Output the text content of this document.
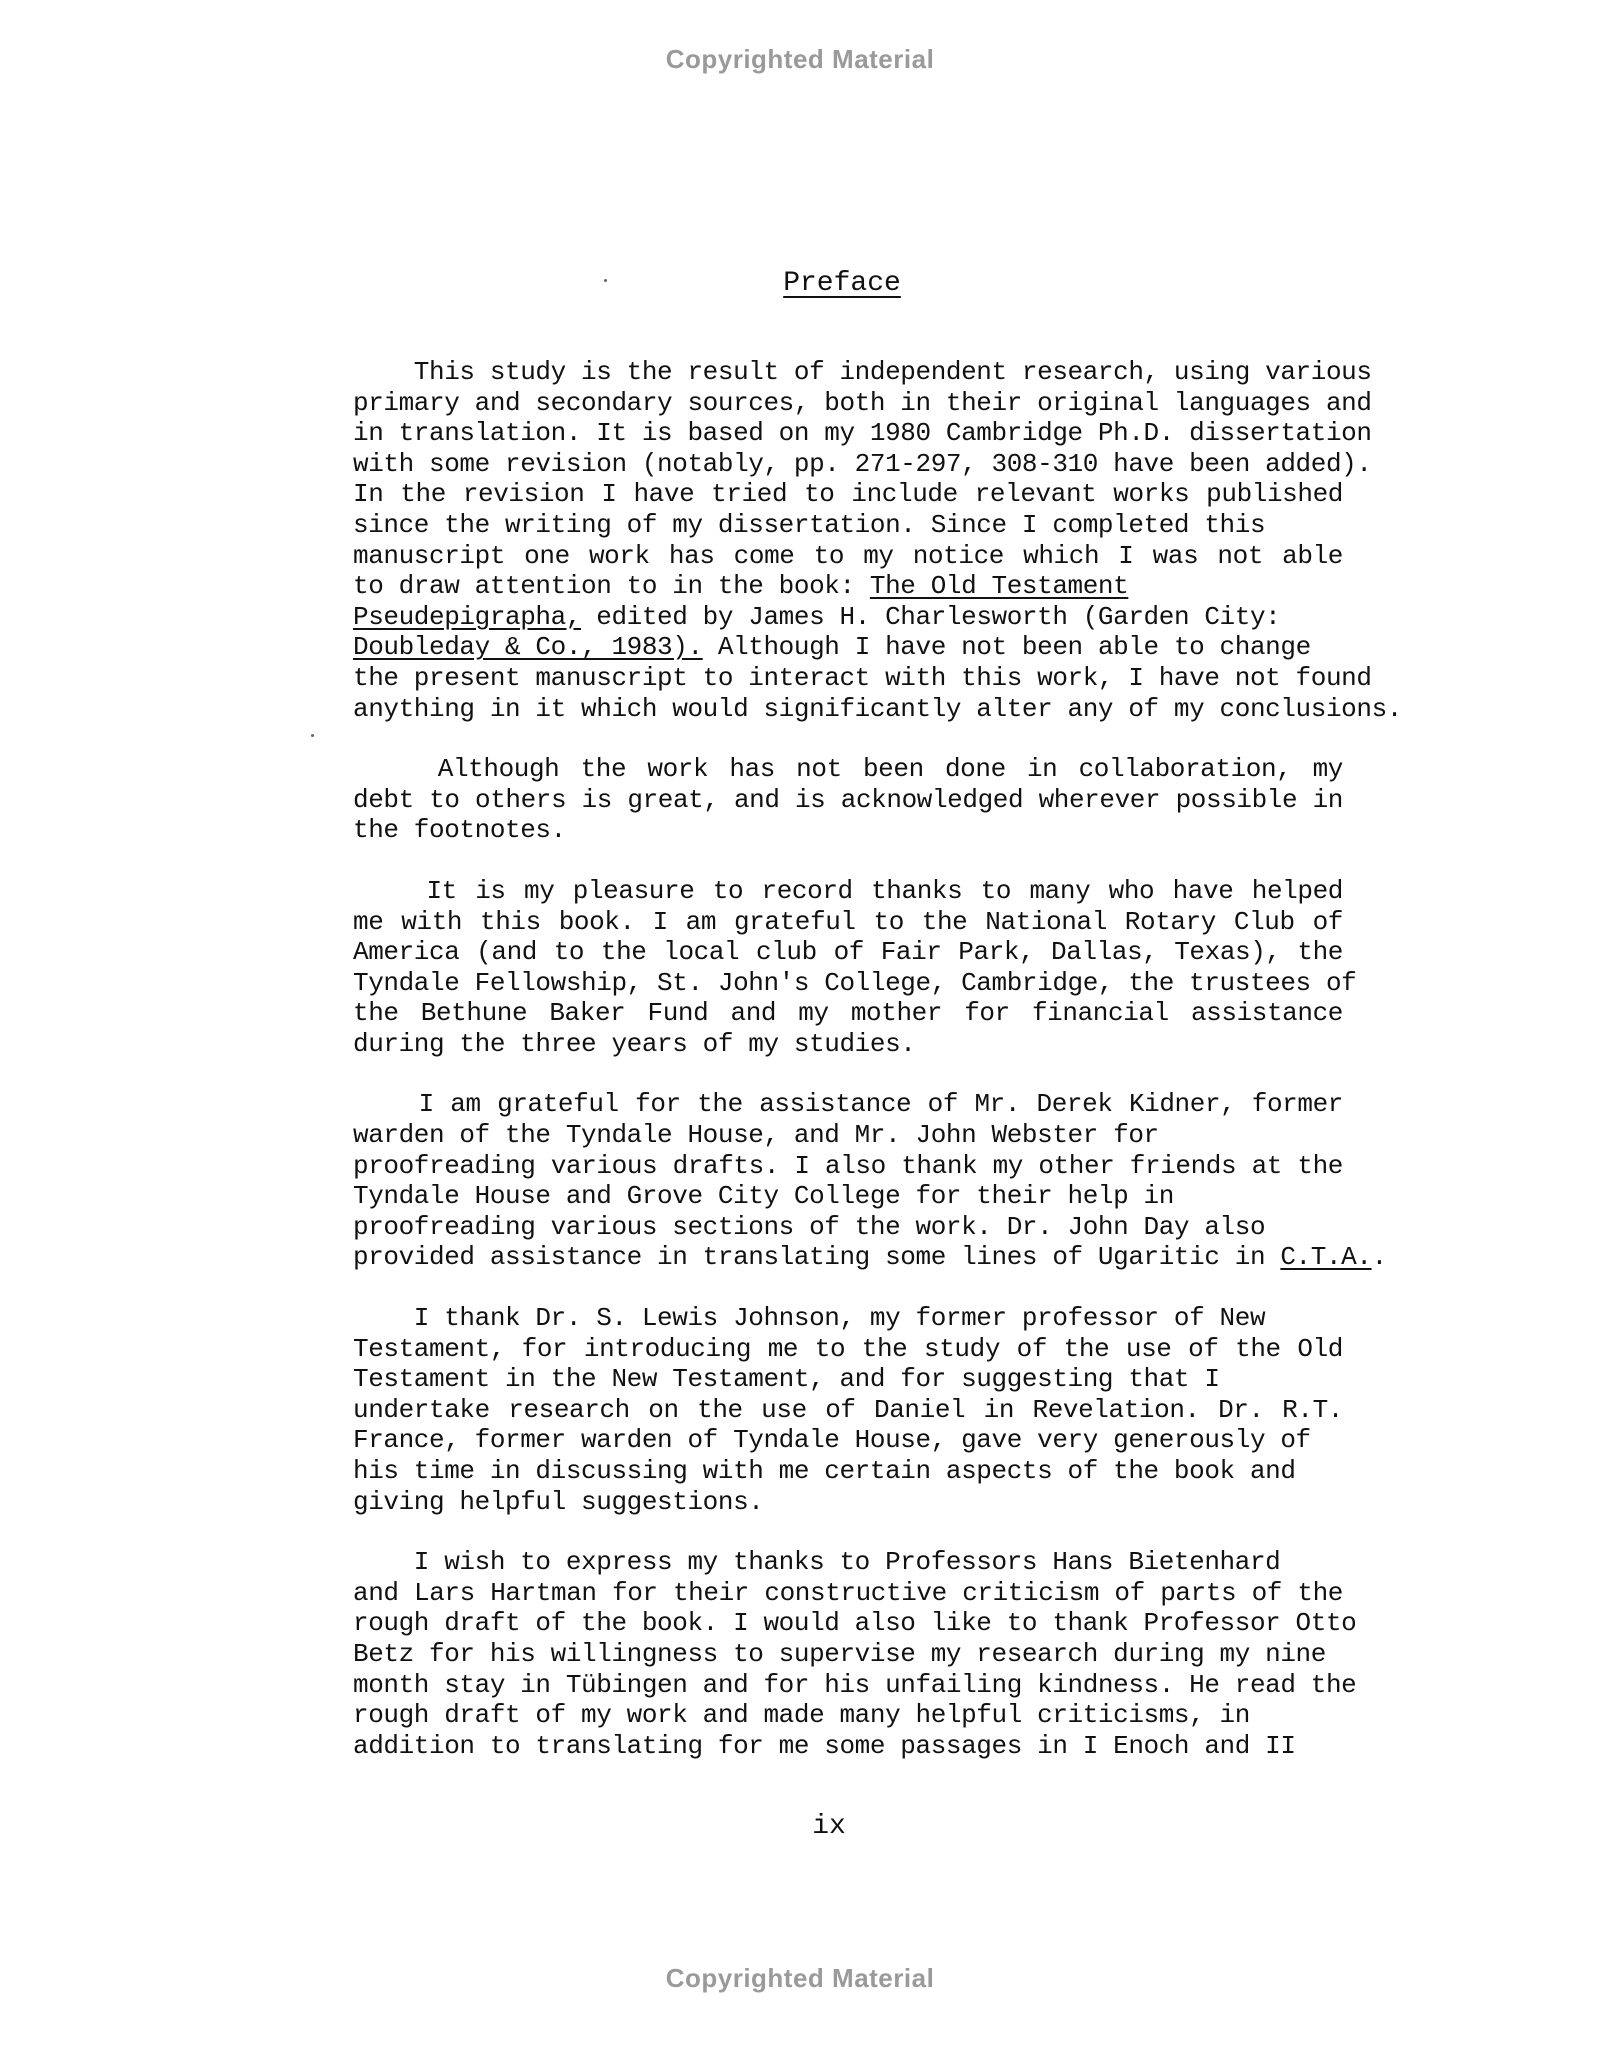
Copyrighted Material
Preface
This study is the result of independent research, using various
primary and secondary sources, both in their original languages and
in translation. It is based on my 1980 Cambridge Ph.D. dissertation
with some revision (notably, pp. 271-297, 308-310 have been added).
In the revision I have tried to include relevant works published
since the writing of my dissertation. Since I completed this
manuscript one work has come to my notice which I was not able
to draw attention to in the book: The Old Testament
Pseudepigrapha, edited by James H. Charlesworth (Garden City:
Doubleday & Co., 1983). Although I have not been able to change
the present manuscript to interact with this work, I have not found
anything in it which would significantly alter any of my conclusions.
Although the work has not been done in collaboration, my
debt to others is great, and is acknowledged wherever possible in
the footnotes.
It is my pleasure to record thanks to many who have helped
me with this book. I am grateful to the National Rotary Club of
America (and to the local club of Fair Park, Dallas, Texas), the
Tyndale Fellowship, St. John's College, Cambridge, the trustees of
the Bethune Baker Fund and my mother for financial assistance
during the three years of my studies.
I am grateful for the assistance of Mr. Derek Kidner, former
warden of the Tyndale House, and Mr. John Webster for
proofreading various drafts. I also thank my other friends at the
Tyndale House and Grove City College for their help in
proofreading various sections of the work. Dr. John Day also
provided assistance in translating some lines of Ugaritic in C.T.A..
I thank Dr. S. Lewis Johnson, my former professor of New
Testament, for introducing me to the study of the use of the Old
Testament in the New Testament, and for suggesting that I
undertake research on the use of Daniel in Revelation. Dr. R.T.
France, former warden of Tyndale House, gave very generously of
his time in discussing with me certain aspects of the book and
giving helpful suggestions.
I wish to express my thanks to Professors Hans Bietenhard
and Lars Hartman for their constructive criticism of parts of the
rough draft of the book. I would also like to thank Professor Otto
Betz for his willingness to supervise my research during my nine
month stay in Tübingen and for his unfailing kindness. He read the
rough draft of my work and made many helpful criticisms, in
addition to translating for me some passages in I Enoch and II
ix
Copyrighted Material
